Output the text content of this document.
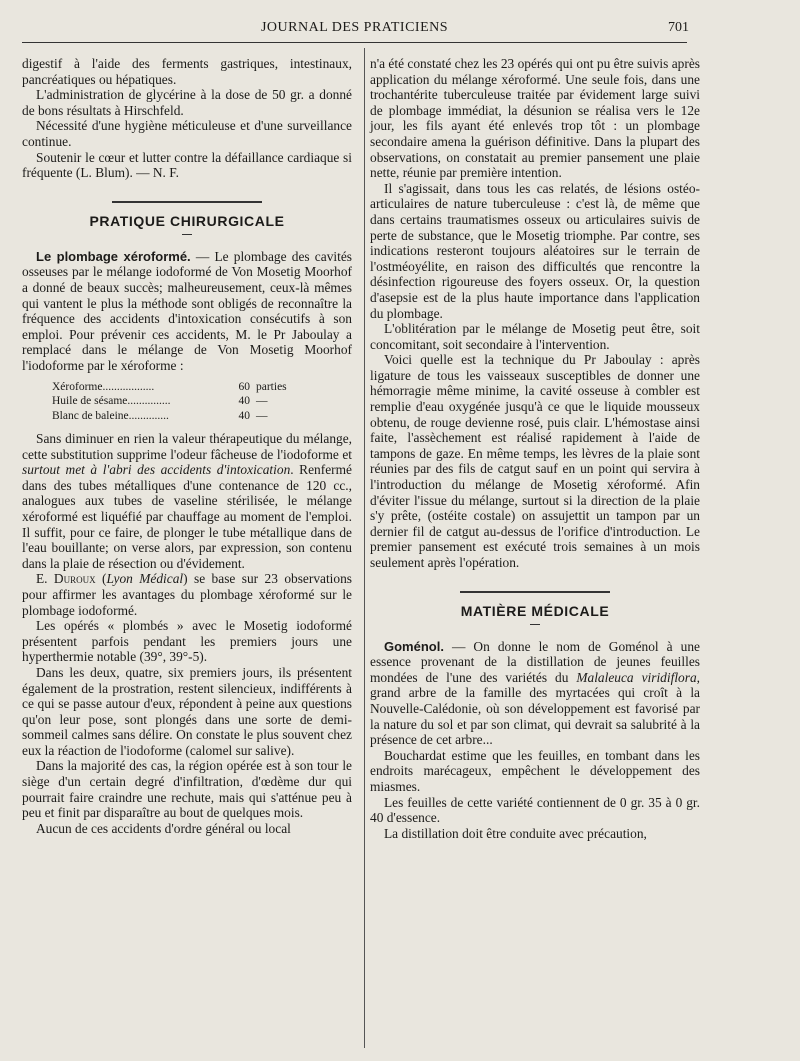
JOURNAL DES PRATICIENS	701

digestif à l'aide des ferments gastriques, intestinaux, pancréatiques ou hépatiques.

L'administration de glycérine à la dose de 50 gr. a donné de bons résultats à Hirschfeld.

Nécessité d'une hygiène méticuleuse et d'une surveillance continue.

Soutenir le cœur et lutter contre la défaillance cardiaque si fréquente (L. Blum). — N. F.

PRATIQUE CHIRURGICALE

Le plombage xéroformé. — Le plombage des cavités osseuses par le mélange iodoformé de Von Mosetig Moorhof a donné de beaux succès; malheureusement, ceux-là mêmes qui vantent le plus la méthode sont obligés de reconnaître la fréquence des accidents d'intoxication consécutifs à son emploi. Pour prévenir ces accidents, M. le Pr Jaboulay a remplacé dans le mélange de Von Mosetig Moorhof l'iodoforme par le xéroforme :

Xéroforme..................	60	parties
Huile de sésame...............	40	—
Blanc de baleine..............	40	—

Sans diminuer en rien la valeur thérapeutique du mélange, cette substitution supprime l'odeur fâcheuse de l'iodoforme et surtout met à l'abri des accidents d'intoxication. Renfermé dans des tubes métalliques d'une contenance de 120 cc., analogues aux tubes de vaseline stérilisée, le mélange xéroformé est liquéfié par chauffage au moment de l'emploi. Il suffit, pour ce faire, de plonger le tube métallique dans de l'eau bouillante; on verse alors, par expression, son contenu dans la plaie de résection ou d'évidement.

E. Duroux (Lyon Médical) se base sur 23 observations pour affirmer les avantages du plombage xéroformé sur le plombage iodoformé.

Les opérés « plombés » avec le Mosetig iodoformé présentent parfois pendant les premiers jours une hyperthermie notable (39°, 39°-5).

Dans les deux, quatre, six premiers jours, ils présentent également de la prostration, restent silencieux, indifférents à ce qui se passe autour d'eux, répondent à peine aux questions qu'on leur pose, sont plongés dans une sorte de demi-sommeil calmes sans délire. On constate le plus souvent chez eux la réaction de l'iodoforme (calomel sur salive).

Dans la majorité des cas, la région opérée est à son tour le siège d'un certain degré d'infiltration, d'œdème dur qui pourrait faire craindre une rechute, mais qui s'atténue peu à peu et finit par disparaître au bout de quelques mois.

Aucun de ces accidents d'ordre général ou local

n'a été constaté chez les 23 opérés qui ont pu être suivis après application du mélange xéroformé. Une seule fois, dans une trochantérite tuberculeuse traitée par évidement large suivi de plombage immédiat, la désunion se réalisa vers le 12e jour, les fils ayant été enlevés trop tôt : un plombage secondaire amena la guérison définitive. Dans la plupart des observations, on constatait au premier pansement une plaie nette, réunie par première intention.

Il s'agissait, dans tous les cas relatés, de lésions ostéo-articulaires de nature tuberculeuse : c'est là, de même que dans certains traumatismes osseux ou articulaires suivis de perte de substance, que le Mosetig triomphe. Par contre, ses indications resteront toujours aléatoires sur le terrain de l'ostméoyélite, en raison des difficultés que rencontre la désinfection rigoureuse des foyers osseux. Or, la question d'asepsie est de la plus haute importance dans l'application du plombage.

L'oblitération par le mélange de Mosetig peut être, soit concomitant, soit secondaire à l'intervention.

Voici quelle est la technique du Pr Jaboulay : après ligature de tous les vaisseaux susceptibles de donner une hémorragie même minime, la cavité osseuse à combler est remplie d'eau oxygénée jusqu'à ce que le liquide mousseux obtenu, de rouge devienne rosé, puis clair. L'hémostase ainsi faite, l'assèchement est réalisé rapidement à l'aide de tampons de gaze. En même temps, les lèvres de la plaie sont réunies par des fils de catgut sauf en un point qui servira à l'introduction du mélange de Mosetig xéroformé. Afin d'éviter l'issue du mélange, surtout si la direction de la plaie s'y prête, (ostéite costale) on assujettit un tampon par un dernier fil de catgut au-dessus de l'orifice d'introduction. Le premier pansement est exécuté trois semaines à un mois seulement après l'opération.

MATIÈRE MÉDICALE

Goménol. — On donne le nom de Goménol à une essence provenant de la distillation de jeunes feuilles mondées de l'une des variétés du Malaleuca viridiflora, grand arbre de la famille des myrtacées qui croît à la Nouvelle-Calédonie, où son développement est favorisé par la nature du sol et par son climat, qui devrait sa salubrité à la présence de cet arbre...

Bouchardat estime que les feuilles, en tombant dans les endroits marécageux, empêchent le développement des miasmes.

Les feuilles de cette variété contiennent de 0 gr. 35 à 0 gr. 40 d'essence.

La distillation doit être conduite avec précaution,
